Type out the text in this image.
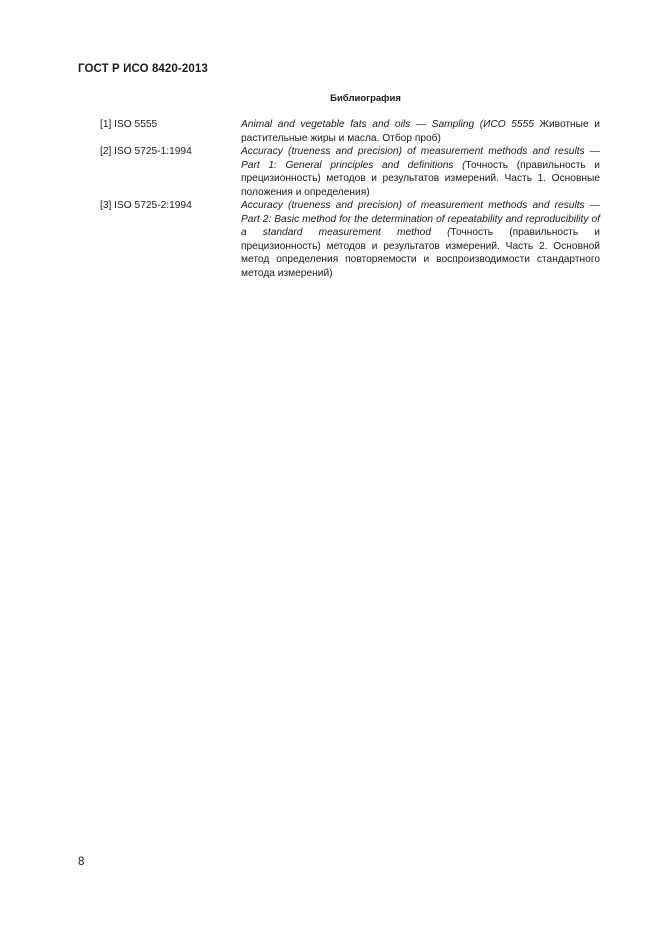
ГОСТ Р ИСО 8420-2013
Библиография
[1] ISO 5555	Animal and vegetable fats and oils — Sampling (ИСО 5555 Животные и растительные жиры и масла. Отбор проб)
[2] ISO 5725-1:1994	Accuracy (trueness and precision) of measurement methods and results — Part 1: General principles and definitions (Точность (правильность и прецизионность) методов и результатов измерений. Часть 1. Основные положения и определения)
[3] ISO 5725-2:1994	Accuracy (trueness and precision) of measurement methods and results — Part 2: Basic method for the determination of repeatability and reproducibility of a standard measurement method (Точность (правильность и прецизионность) методов и результатов измерений. Часть 2. Основной метод определения повторяемости и воспроизводимости стандартного метода измерений)
8
